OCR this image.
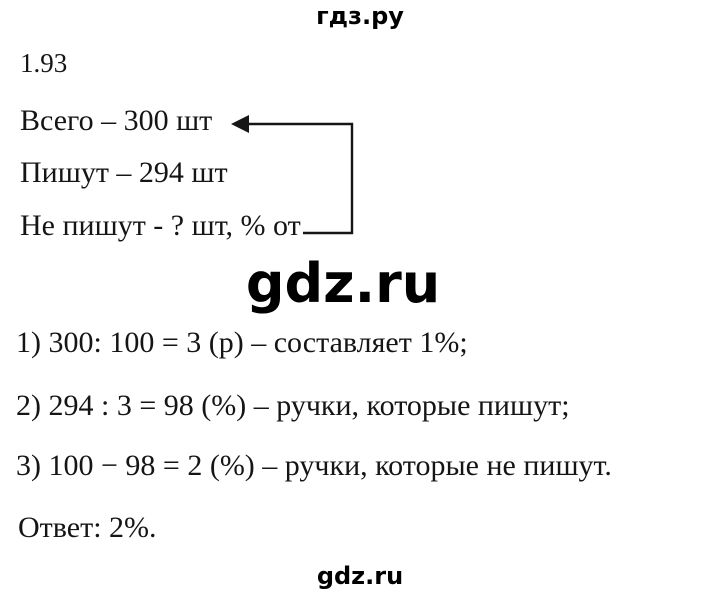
гдз.ру
1.93
Всего – 300 шт
Пишут – 294 шт
Не пишут - ? шт, % от
gdz.ru
1) 300: 100 = 3 (р) – составляет 1%;
2) 294 : 3 = 98 (%) – ручки, которые пишут;
3) 100 − 98 = 2 (%) – ручки, которые не пишут.
Ответ: 2%.
gdz.ru
